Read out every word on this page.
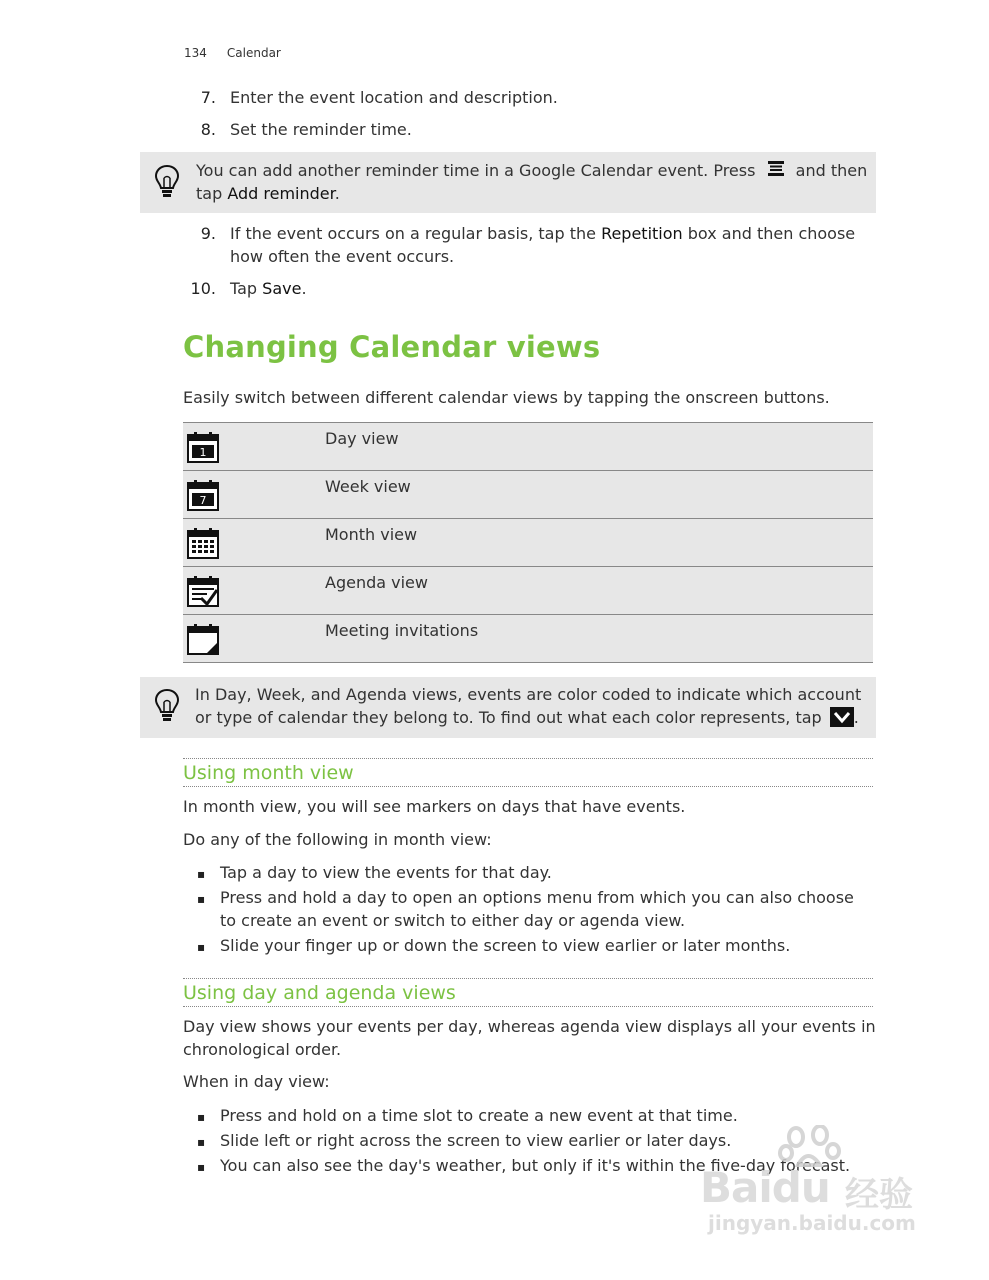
134 Calendar
7. Enter the event location and description.
8. Set the reminder time.
You can add another reminder time in a Google Calendar event. Press	and then
tap Add reminder.
9. If the event occurs on a regular basis, tap the Repetition box and then choose
how often the event occurs.
10. Tap Save.
Changing Calendar views
Easily switch between different calendar views by tapping the onscreen buttons.
1
Day view
7
Week view
Month view
Agenda view
Meeting invitations
In Day, Week, and Agenda views, events are color coded to indicate which account
or type of calendar they belong to. To find out what each color represents, tap .
Using month view
In month view, you will see markers on days that have events.
Do any of the following in month view:
▪ Tap a day to view the events for that day.
▪ Press and hold a day to open an options menu from which you can also choose
to create an event or switch to either day or agenda view.
▪ Slide your finger up or down the screen to view earlier or later months.
Using day and agenda views
Day view shows your events per day, whereas agenda view displays all your events in
chronological order.
When in day view:
▪ Press and hold on a time slot to create a new event at that time.
▪ Slide left or right across the screen to view earlier or later days.
▪ You can also see the day's weather, but only if it's within the five-day forecast.
Baidu 经验
jingyan.baidu.com
